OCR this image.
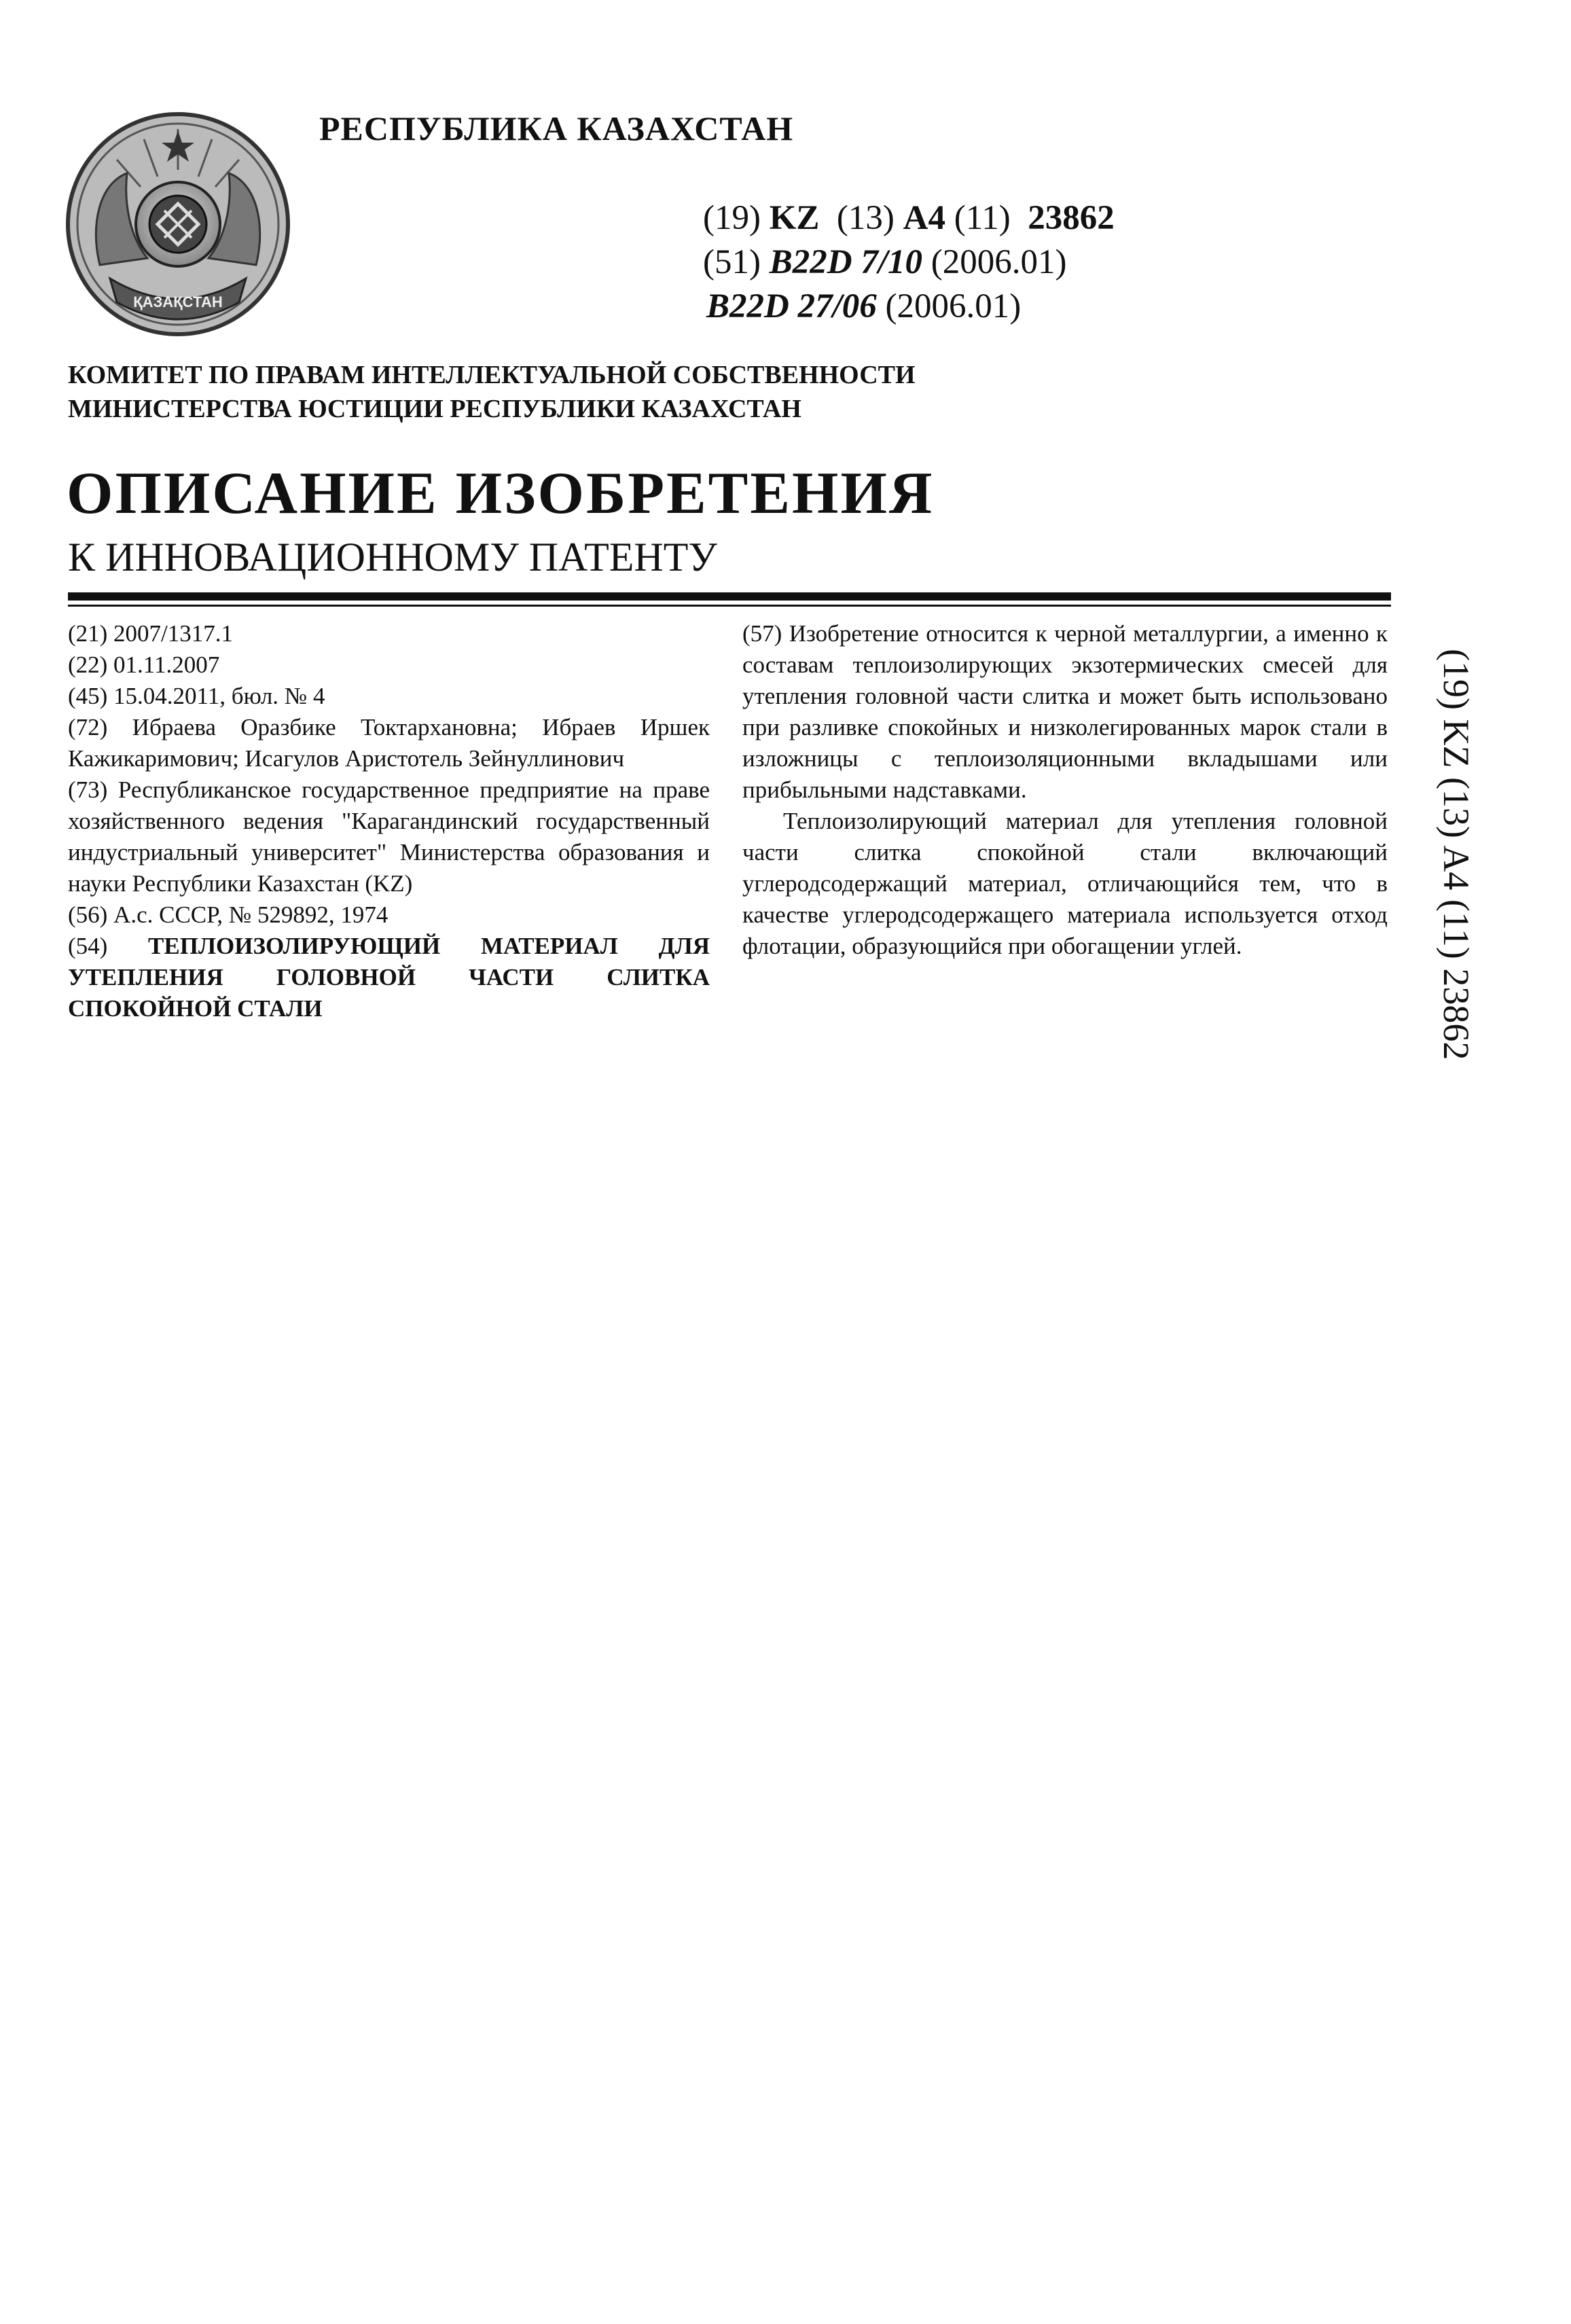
ҚАЗАҚСТАН
РЕСПУБЛИКА КАЗАХСТАН
(19) KZ (13) A4 (11) 23862
(51) B22D 7/10 (2006.01)
B22D 27/06 (2006.01)
КОМИТЕТ ПО ПРАВАМ ИНТЕЛЛЕКТУАЛЬНОЙ СОБСТВЕННОСТИ
МИНИСТЕРСТВА ЮСТИЦИИ РЕСПУБЛИКИ КАЗАХСТАН
ОПИСАНИЕ ИЗОБРЕТЕНИЯ
К ИННОВАЦИОННОМУ ПАТЕНТУ

(21) 2007/1317.1

(22) 01.11.2007

(45) 15.04.2011, бюл. № 4

(72) Ибраева Оразбике Токтархановна; Ибраев Иршек Кажикаримович; Исагулов Аристотель Зейнуллинович

(73) Республиканское государственное предприятие на праве хозяйственного ведения "Карагандинский государственный индустриальный университет" Министерства образования и науки Республики Казахстан (KZ)

(56) А.с. СССР, № 529892, 1974

(54) ТЕПЛОИЗОЛИРУЮЩИЙ МАТЕРИАЛ ДЛЯ УТЕПЛЕНИЯ ГОЛОВНОЙ ЧАСТИ СЛИТКА СПОКОЙНОЙ СТАЛИ

(57) Изобретение относится к черной металлургии, а именно к составам теплоизолирующих экзотермических смесей для утепления головной части слитка и может быть использовано при разливке спокойных и низколегированных марок стали в изложницы с теплоизоляционными вкладышами или прибыльными надставками.

Теплоизолирующий материал для утепления головной части слитка спокойной стали включающий углеродсодержащий материал, отличающийся тем, что в качестве углеродсодержащего материала используется отход флотации, образующийся при обогащении углей.	(19) KZ (13) A4 (11) 23862
